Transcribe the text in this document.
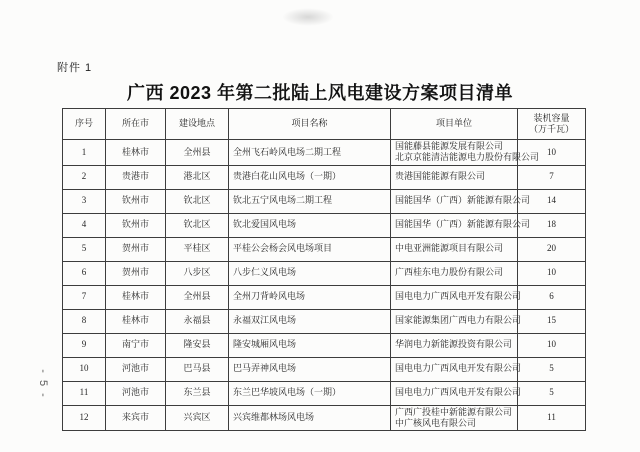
附件 1
广西 2023 年第二批陆上风电建设方案项目清单
- 5 -
序号	所在市	建设地点	项目名称	项目单位	装机容量
（万千瓦）

1	桂林市	全州县	全州飞石岭风电场二期工程	国能藤县能源发展有限公司
北京京能清洁能源电力股份有限公司	10
2	贵港市	港北区	贵港白花山风电场（一期）	贵港国能能源有限公司	7
3	钦州市	钦北区	钦北五宁风电场二期工程	国能国华（广西）新能源有限公司	14
4	钦州市	钦北区	钦北爱国风电场	国能国华（广西）新能源有限公司	18
5	贺州市	平桂区	平桂公会杨会风电场项目	中电亚洲能源项目有限公司	20
6	贺州市	八步区	八步仁义风电场	广西桂东电力股份有限公司	10
7	桂林市	全州县	全州刀背岭风电场	国电电力广西风电开发有限公司	6
8	桂林市	永福县	永福双江风电场	国家能源集团广西电力有限公司	15
9	南宁市	隆安县	隆安城厢风电场	华润电力新能源投资有限公司	10
10	河池市	巴马县	巴马弄神风电场	国电电力广西风电开发有限公司	5
11	河池市	东兰县	东兰巴华坡风电场（一期）	国电电力广西风电开发有限公司	5
12	来宾市	兴宾区	兴宾维都林场风电场	广西广投桂中新能源有限公司
中广核风电有限公司	11
